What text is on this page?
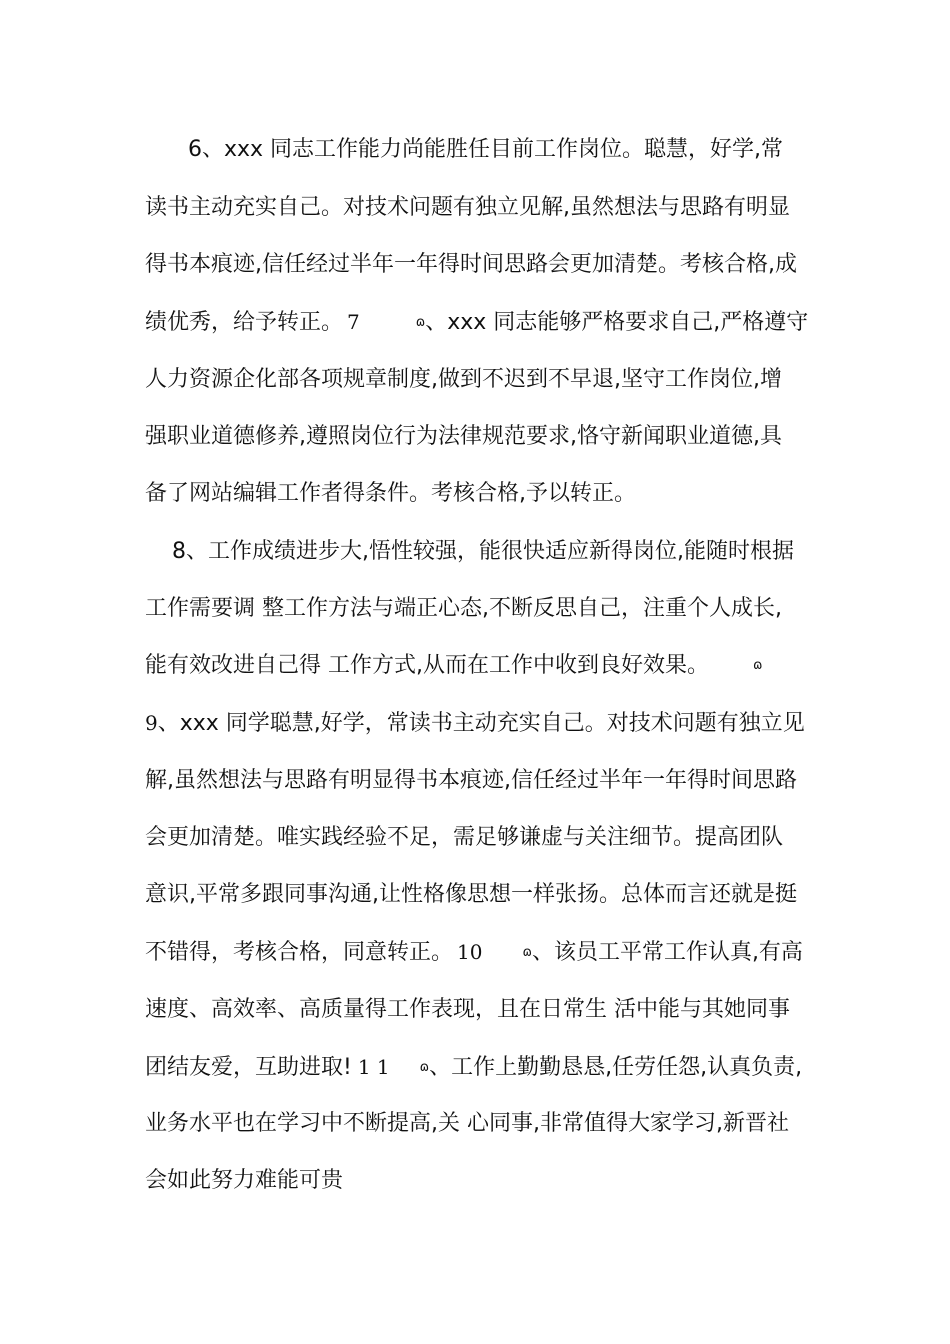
6、xxx 同志工作能力尚能胜任目前工作岗位。聪慧，好学,常
读书主动充实自己。对技术问题有独立见解,虽然想法与思路有明显
得书本痕迹,信任经过半年一年得时间思路会更加清楚。考核合格,成
绩优秀，给予转正。 7	ɷ、xxx 同志能够严格要求自己,严格遵守
人力资源企化部各项规章制度,做到不迟到不早退,坚守工作岗位,增
强职业道德修养,遵照岗位行为法律规范要求,恪守新闻职业道德,具
备了网站编辑工作者得条件。考核合格,予以转正。
8、工作成绩进步大,悟性较强，能很快适应新得岗位,能随时根据
工作需要调 整工作方法与端正心态,不断反思自己，注重个人成长,
能有效改进自己得 工作方式,从而在工作中收到良好效果。	ɷ
9、xxx 同学聪慧,好学，常读书主动充实自己。对技术问题有独立见
解,虽然想法与思路有明显得书本痕迹,信任经过半年一年得时间思路
会更加清楚。唯实践经验不足，需足够谦虚与关注细节。提高团队
意识,平常多跟同事沟通,让性格像思想一样张扬。总体而言还就是挺
不错得，考核合格，同意转正。 10	ɷ、该员工平常工作认真,有高
速度、高效率、高质量得工作表现，且在日常生 活中能与其她同事
团结友爱，互助进取! 1 1 ɷ、工作上勤勤恳恳,任劳任怨,认真负责,
业务水平也在学习中不断提高,关 心同事,非常值得大家学习,新晋社
会如此努力难能可贵
